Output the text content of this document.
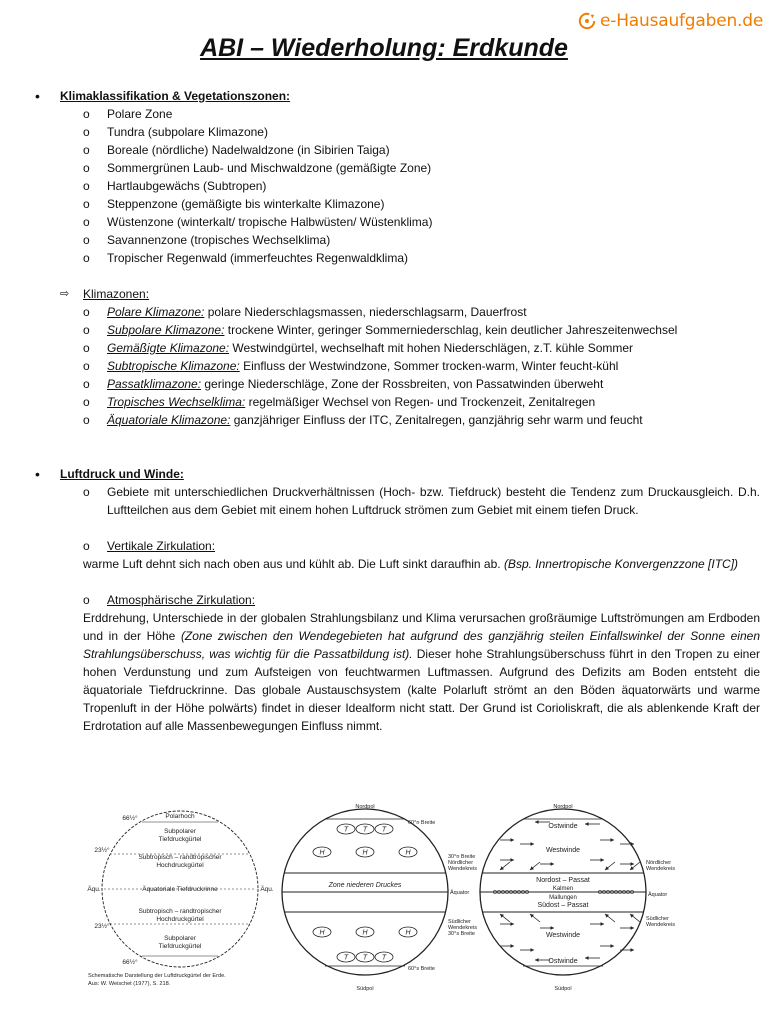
e-Hausaufgaben.de
ABI – Wiederholung: Erdkunde
• Klimaklassifikation & Vegetationszonen:
o Polare Zone
o Tundra (subpolare Klimazone)
o Boreale (nördliche) Nadelwaldzone (in Sibirien Taiga)
o Sommergrünen Laub- und Mischwaldzone (gemäßigte Zone)
o Hartlaubgewächs (Subtropen)
o Steppenzone (gemäßigte bis winterkalte Klimazone)
o Wüstenzone (winterkalt/ tropische Halbwüsten/ Wüstenklima)
o Savannenzone (tropisches Wechselklima)
o Tropischer Regenwald (immerfeuchtes Regenwaldklima)
⇨ Klimazonen:
o Polare Klimazone: polare Niederschlagsmassen, niederschlagsarm, Dauerfrost
o Subpolare Klimazone: trockene Winter, geringer Sommerniederschlag, kein deutlicher Jahreszeitenwechsel
o Gemäßigte Klimazone: Westwindgürtel, wechselhaft mit hohen Niederschlägen, z.T. kühle Sommer
o Subtropische Klimazone: Einfluss der Westwindzone, Sommer trocken-warm, Winter feucht-kühl
o Passatklimazone: geringe Niederschläge, Zone der Rossbreiten, von Passatwinden überweht
o Tropisches Wechselklima: regelmäßiger Wechsel von Regen- und Trockenzeit, Zenitalregen
o Äquatoriale Klimazone: ganzjähriger Einfluss der ITC, Zenitalregen, ganzjährig sehr warm und feucht
• Luftdruck und Winde:

o Gebiete mit unterschiedlichen Druckverhältnissen (Hoch- bzw. Tiefdruck) besteht die Tendenz zum Druckausgleich. D.h. Luftteilchen aus dem Gebiet mit einem hohen Luftdruck strömen zum Gebiet mit einem tiefen Druck.

o Vertikale Zirkulation:

warme Luft dehnt sich nach oben aus und kühlt ab. Die Luft sinkt daraufhin ab. (Bsp. Innertropische Konvergenzzone [ITC])

o Atmosphärische Zirkulation:

Erddrehung, Unterschiede in der globalen Strahlungsbilanz und Klima verursachen großräumige Luftströmungen am Erdboden und in der Höhe (Zone zwischen den Wendegebieten hat aufgrund des ganzjährig steilen Einfallswinkel der Sonne einen Strahlungsüberschuss, was wichtig für die Passatbildung ist). Dieser hohe Strahlungsüberschuss führt in den Tropen zu einer hohen Verdunstung und zum Aufsteigen von feuchtwarmen Luftmassen. Aufgrund des Defizits am Boden entsteht die äquatoriale Tiefdruckrinne. Das globale Austauschsystem (kalte Polarluft strömt an den Böden äquatorwärts und warme Tropenluft in der Höhe polwärts) findet in dieser Idealform nicht statt. Der Grund ist Corioliskraft, die als ablenkende Kraft der Erdrotation auf alle Massenbewegungen Einfluss nimmt.

Polarhoch
66½°
23½°
23½°
66½°
Äqu.	Äqu.
Subpolarer
Tiefdruckgürtel
Subtropisch – randtropischer
Hochdruckgürtel
Äquatoriale Tiefdruckrinne
Subtropisch – randtropischer
Hochdruckgürtel
Subpolarer
Tiefdruckgürtel
Schematische Darstellung der Luftdruckgürtel der Erde.
Aus: W. Weischet (1977), S. 218.
Nordpol
Südpol
60°n Breite
30°n Breite
Nördlicher
Wendekreis
Zone niederen Druckes
Äquator
Südlicher
Wendekreis
30°s Breite
60°s Breite
T T T
H	H	H
H	H	H
T T T
Nordpol
Südpol
Ostwinde
Westwinde
Nordost – Passat
Kalmen
Mallungen
Südost – Passat
Westwinde
Ostwinde
Nördlicher
Wendekreis
Äquator
Südlicher
Wendekreis
